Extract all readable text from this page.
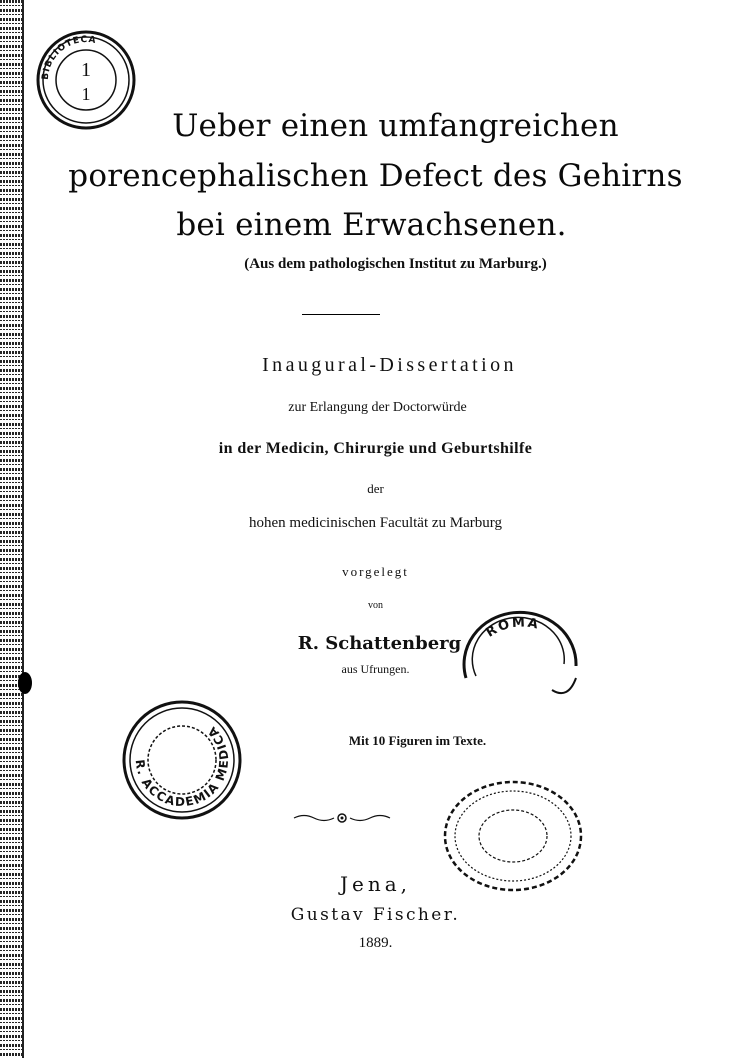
BIBLIOTECA
1
1
Ueber einen umfangreichen
porencephalischen Defect des Gehirns
bei einem Erwachsenen.
(Aus dem pathologischen Institut zu Marburg.)
Inaugural-Dissertation
zur Erlangung der Doctorwürde
in der Medicin, Chirurgie und Geburtshilfe
der
hohen medicinischen Facultät zu Marburg
vorgelegt
von
R. Schattenberg
aus Ufrungen.
ROMA
R. ACCADEMIA MEDICA
Mit 10 Figuren im Texte.
Jena,
Gustav Fischer.
1889.
